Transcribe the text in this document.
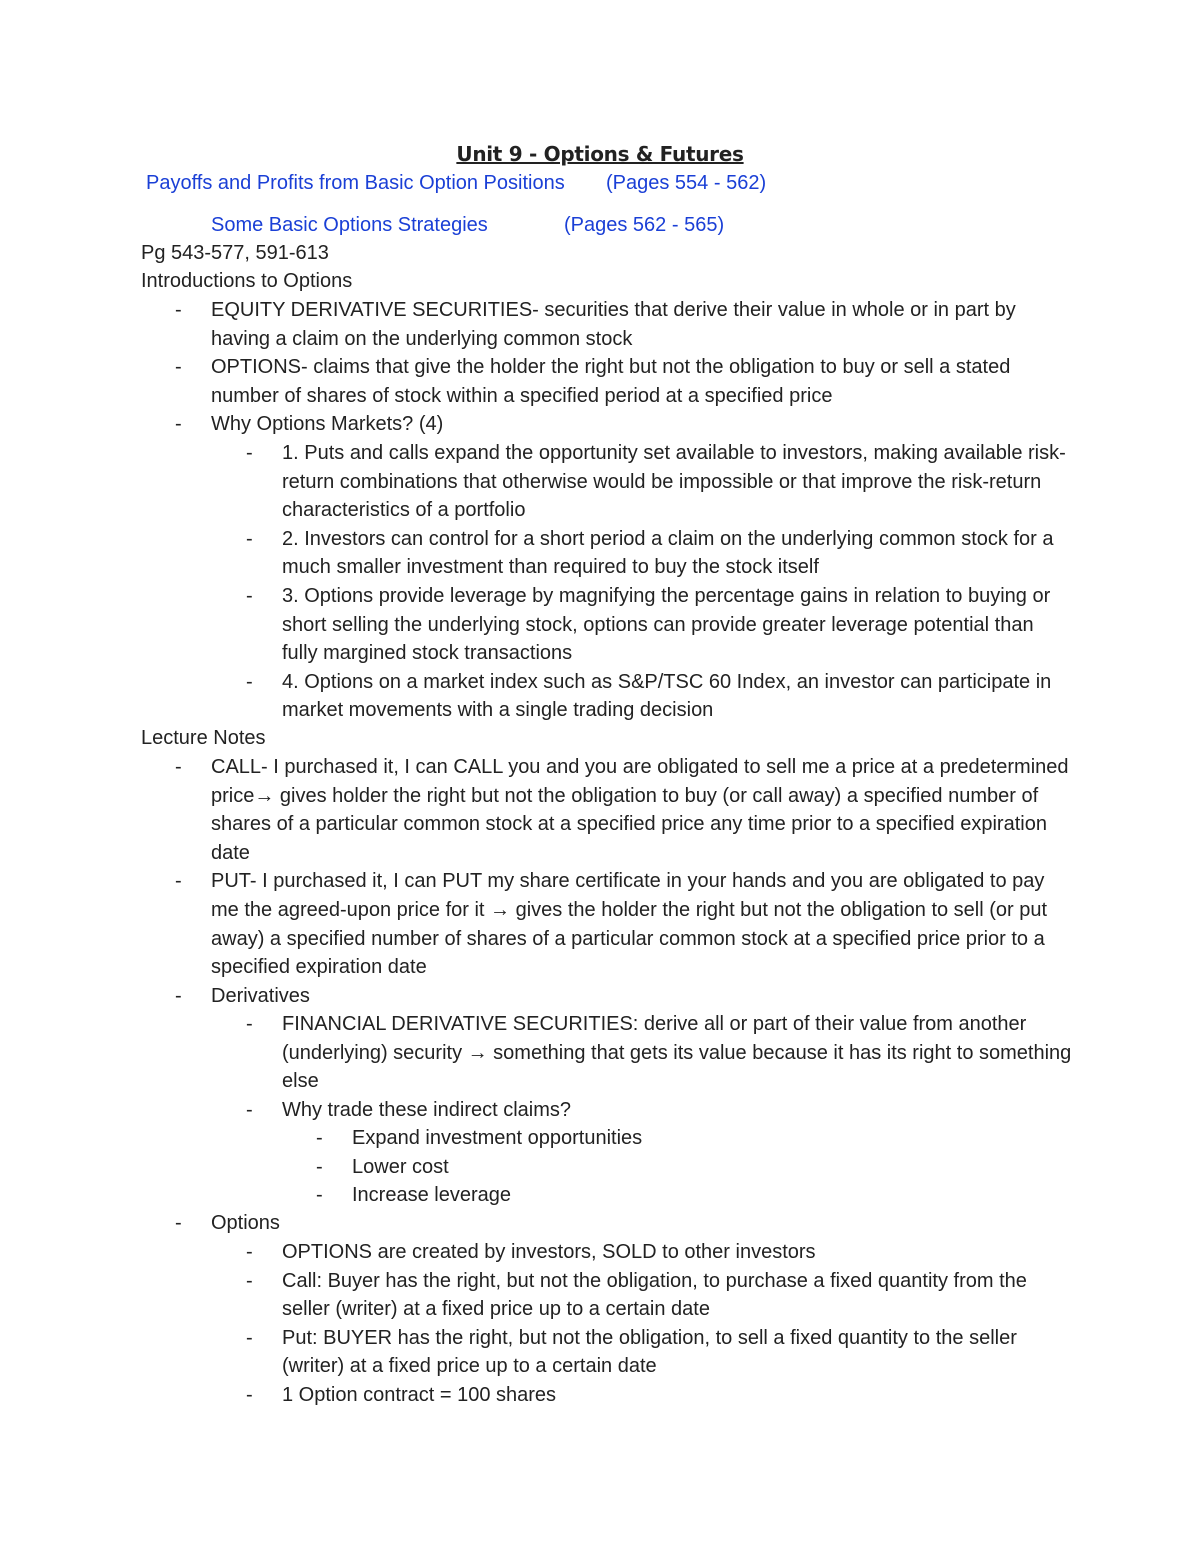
Unit 9 - Options & Futures
Payoffs and Profits from Basic Option Positions (Pages 554 - 562)
Some Basic Options Strategies	(Pages 562 - 565)
Pg 543-577, 591-613
Introductions to Options
- EQUITY DERIVATIVE SECURITIES- securities that derive their value in whole or in part by having a claim on the underlying common stock
- OPTIONS- claims that give the holder the right but not the obligation to buy or sell a stated number of shares of stock within a specified period at a specified price
- Why Options Markets? (4)
- 1. Puts and calls expand the opportunity set available to investors, making available risk-return combinations that otherwise would be impossible or that improve the risk-return characteristics of a portfolio
- 2. Investors can control for a short period a claim on the underlying common stock for a much smaller investment than required to buy the stock itself
- 3. Options provide leverage by magnifying the percentage gains in relation to buying or short selling the underlying stock, options can provide greater leverage potential than fully margined stock transactions
- 4. Options on a market index such as S&P/TSC 60 Index, an investor can participate in market movements with a single trading decision
Lecture Notes
- CALL- I purchased it, I can CALL you and you are obligated to sell me a price at a predetermined price→ gives holder the right but not the obligation to buy (or call away) a specified number of shares of a particular common stock at a specified price any time prior to a specified expiration date
- PUT- I purchased it, I can PUT my share certificate in your hands and you are obligated to pay me the agreed-upon price for it → gives the holder the right but not the obligation to sell (or put away) a specified number of shares of a particular common stock at a specified price prior to a specified expiration date
- Derivatives
- FINANCIAL DERIVATIVE SECURITIES: derive all or part of their value from another (underlying) security → something that gets its value because it has its right to something else
- Why trade these indirect claims?
- Expand investment opportunities
- Lower cost
- Increase leverage
- Options
- OPTIONS are created by investors, SOLD to other investors
- Call: Buyer has the right, but not the obligation, to purchase a fixed quantity from the seller (writer) at a fixed price up to a certain date
- Put: BUYER has the right, but not the obligation, to sell a fixed quantity to the seller (writer) at a fixed price up to a certain date
- 1 Option contract = 100 shares
